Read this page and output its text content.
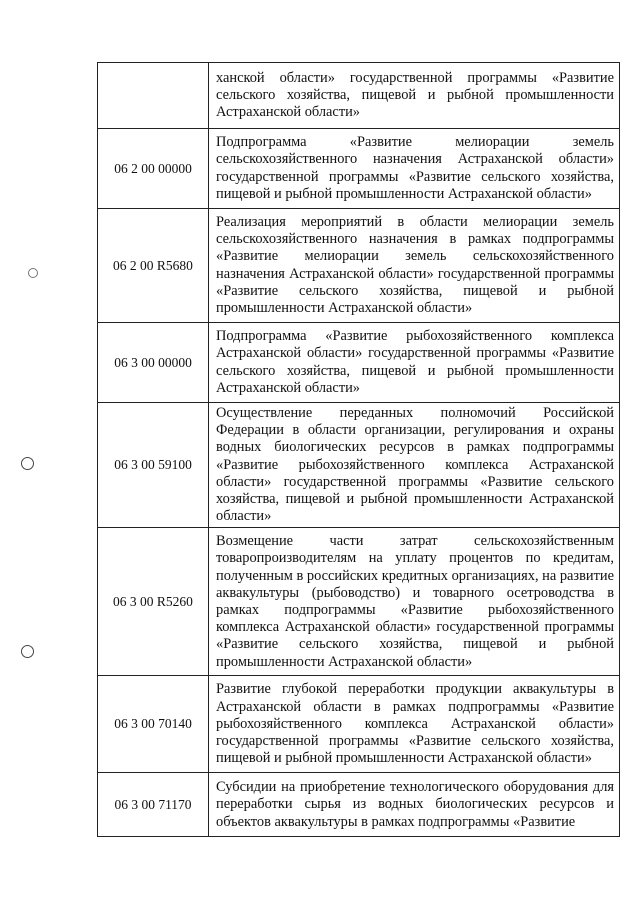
	ханской области» государственной программы «Развитие сельского хозяйства, пищевой и рыбной промышленности Астраханской области»
06 2 00 00000	Подпрограмма «Развитие мелиорации земель сельскохозяйственного назначения Астраханской области» государственной программы «Развитие сельского хозяйства, пищевой и рыбной промышленности Астраханской области»
06 2 00 R5680	Реализация мероприятий в области мелиорации земель сельскохозяйственного назначения в рамках подпрограммы «Развитие мелиорации земель сельскохозяйственного назначения Астраханской области» государственной программы «Развитие сельского хозяйства, пищевой и рыбной промышленности Астраханской области»
06 3 00 00000	Подпрограмма «Развитие рыбохозяйственного комплекса Астраханской области» государственной программы «Развитие сельского хозяйства, пищевой и рыбной промышленности Астраханской области»
06 3 00 59100	Осуществление переданных полномочий Российской Федерации в области организации, регулирования и охраны водных биологических ресурсов в рамках подпрограммы «Развитие рыбохозяйственного комплекса Астраханской области» государственной программы «Развитие сельского хозяйства, пищевой и рыбной промышленности Астраханской области»
06 3 00 R5260	Возмещение части затрат сельскохозяйственным товаропроизводителям на уплату процентов по кредитам, полученным в российских кредитных организациях, на развитие аквакультуры (рыбоводство) и товарного осетроводства в рамках подпрограммы «Развитие рыбохозяйственного комплекса Астраханской области» государственной программы «Развитие сельского хозяйства, пищевой и рыбной промышленности Астраханской области»
06 3 00 70140	Развитие глубокой переработки продукции аквакультуры в Астраханской области в рамках подпрограммы «Развитие рыбохозяйственного комплекса Астраханской области» государственной программы «Развитие сельского хозяйства, пищевой и рыбной промышленности Астраханской области»
06 3 00 71170	Субсидии на приобретение технологического оборудования для переработки сырья из водных биологических ресурсов и объектов аквакультуры в рамках подпрограммы «Развитие
